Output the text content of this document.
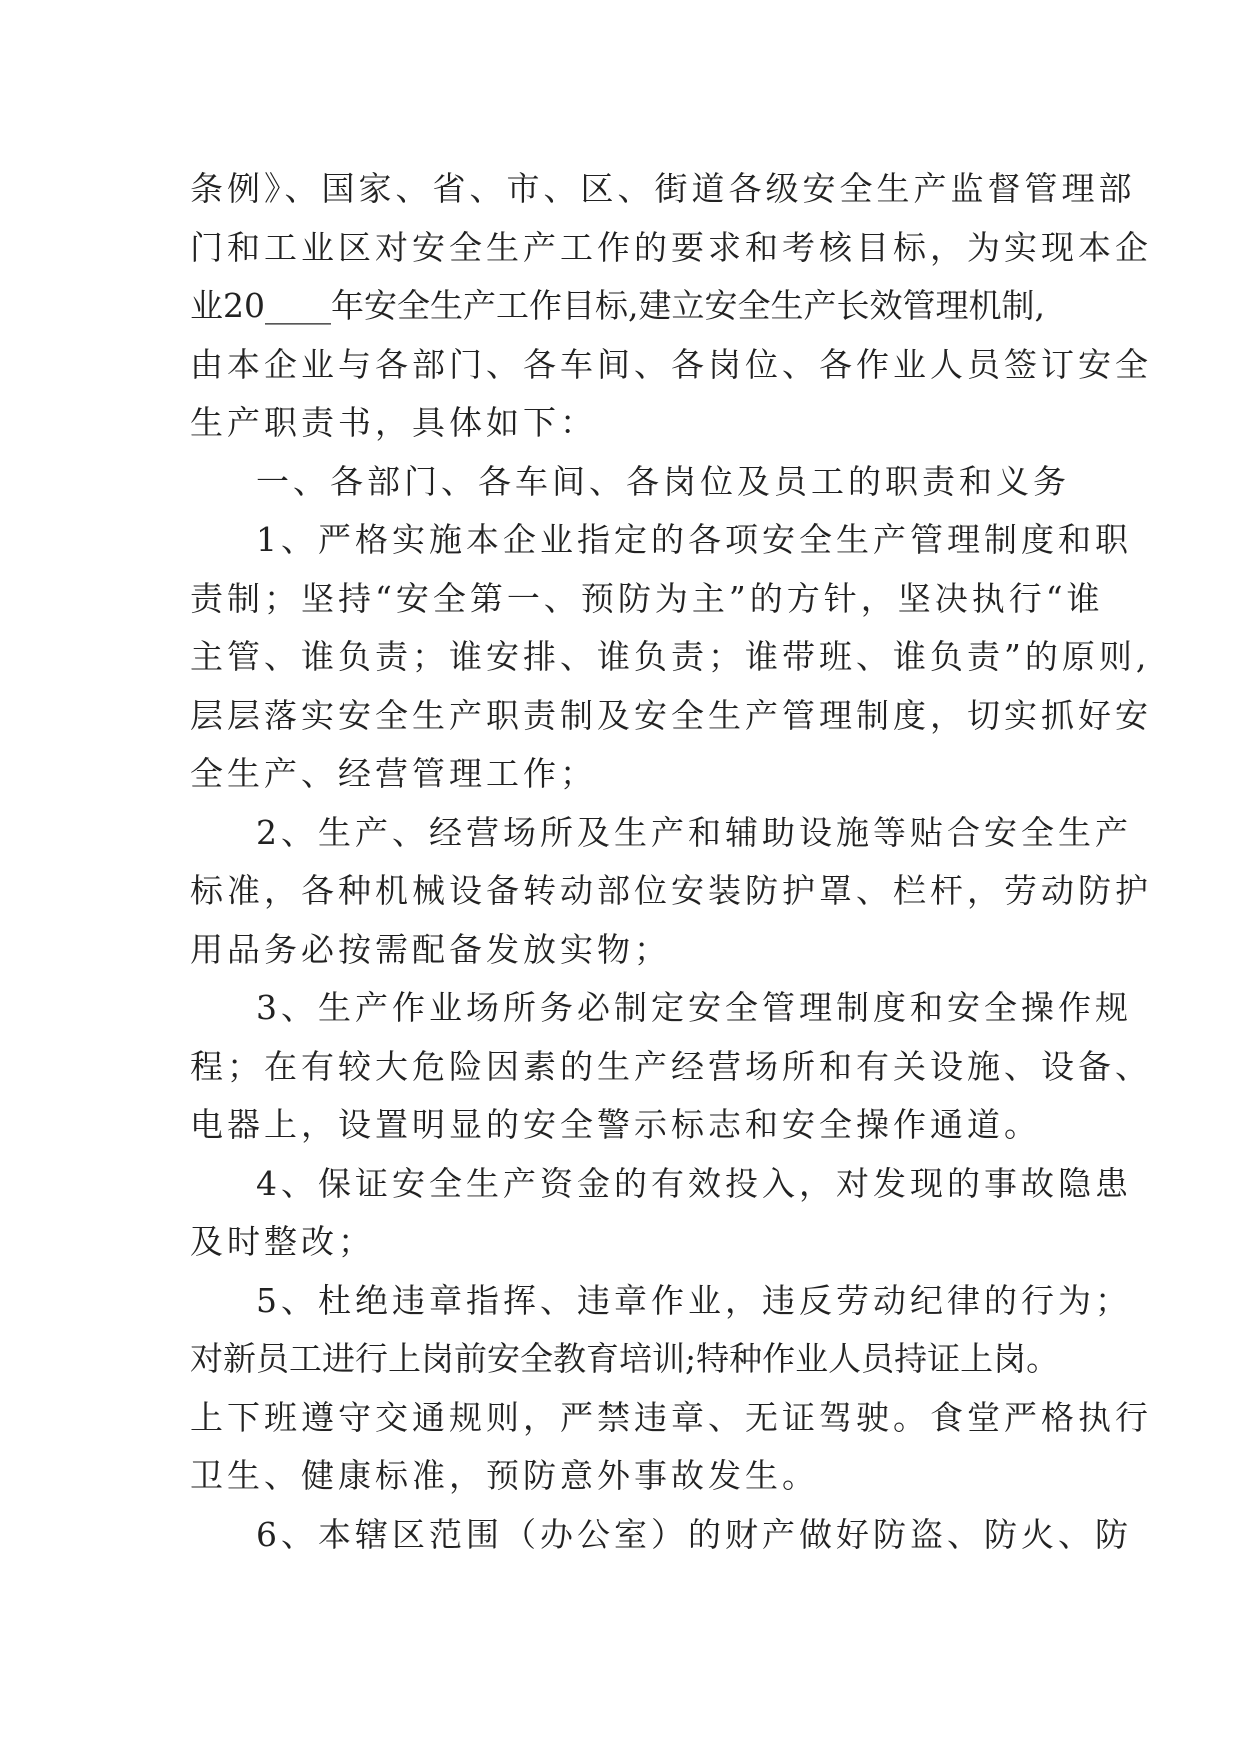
条例》、国家、省、市、区、街道各级安全生产监督管理部
门和工业区对安全生产工作的要求和考核目标，为实现本企
业20____年安全生产工作目标,建立安全生产长效管理机制,
由本企业与各部门、各车间、各岗位、各作业人员签订安全
生产职责书，具体如下：
一、各部门、各车间、各岗位及员工的职责和义务
1、严格实施本企业指定的各项安全生产管理制度和职
责制；坚持“安全第一、预防为主”的方针，坚决执行“谁
主管、谁负责；谁安排、谁负责；谁带班、谁负责”的原则,
层层落实安全生产职责制及安全生产管理制度，切实抓好安
全生产、经营管理工作；
2、生产、经营场所及生产和辅助设施等贴合安全生产
标准，各种机械设备转动部位安装防护罩、栏杆，劳动防护
用品务必按需配备发放实物；
3、生产作业场所务必制定安全管理制度和安全操作规
程；在有较大危险因素的生产经营场所和有关设施、设备、
电器上，设置明显的安全警示标志和安全操作通道。
4、保证安全生产资金的有效投入，对发现的事故隐患
及时整改；
5、杜绝违章指挥、违章作业，违反劳动纪律的行为；
对新员工进行上岗前安全教育培训;特种作业人员持证上岗。
上下班遵守交通规则，严禁违章、无证驾驶。食堂严格执行
卫生、健康标准，预防意外事故发生。
6、本辖区范围（办公室）的财产做好防盗、防火、防
